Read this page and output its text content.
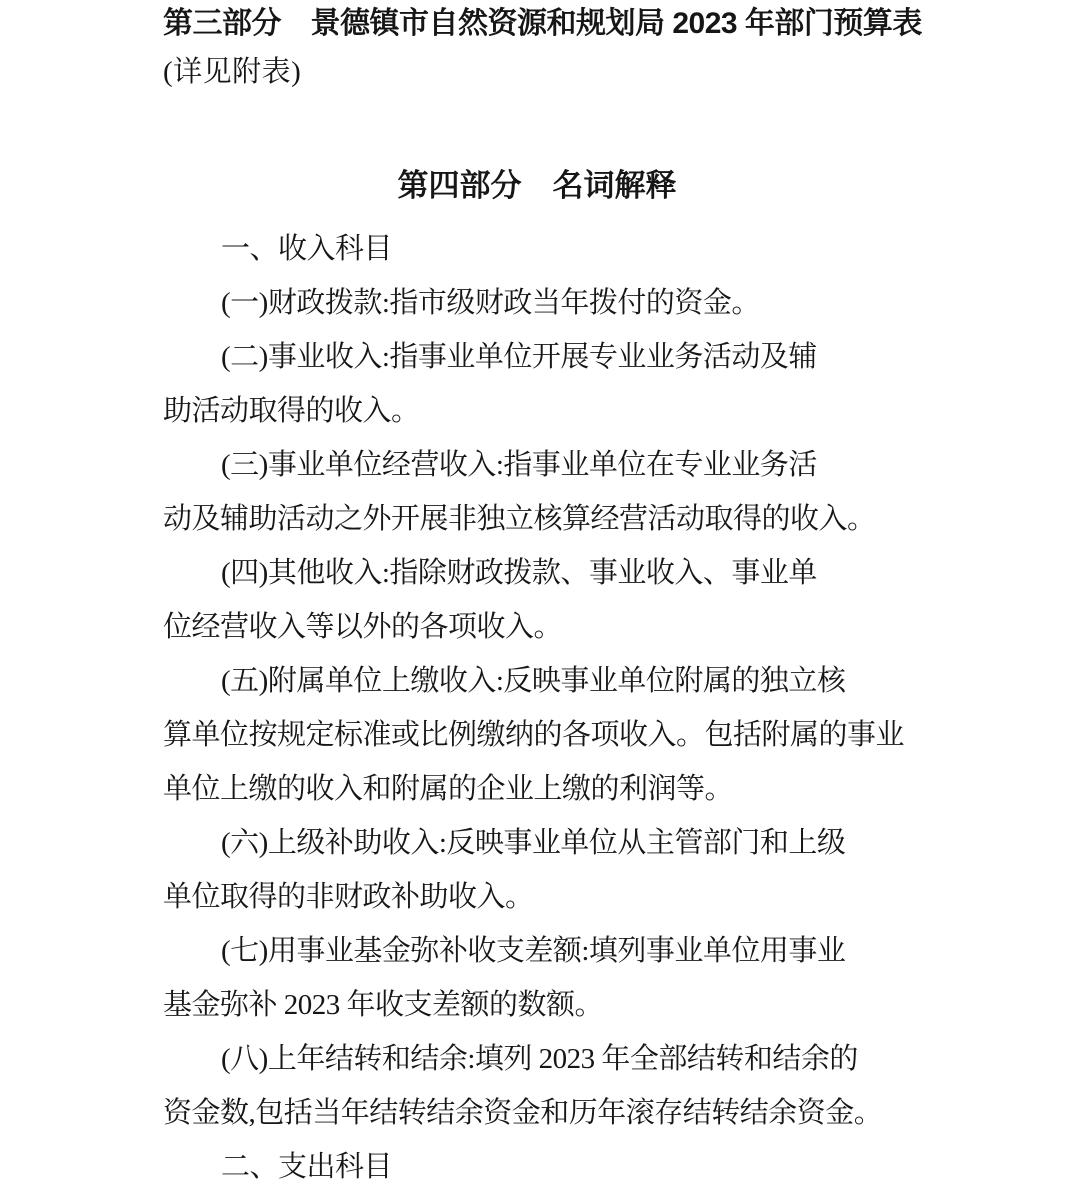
第三部分　景德镇市自然资源和规划局 2023 年部门预算表
(详见附表)
第四部分　名词解释
一、收入科目
(一)财政拨款:指市级财政当年拨付的资金。
(二)事业收入:指事业单位开展专业业务活动及辅
助活动取得的收入。
(三)事业单位经营收入:指事业单位在专业业务活
动及辅助活动之外开展非独立核算经营活动取得的收入。
(四)其他收入:指除财政拨款、事业收入、事业单
位经营收入等以外的各项收入。
(五)附属单位上缴收入:反映事业单位附属的独立核
算单位按规定标准或比例缴纳的各项收入。包括附属的事业
单位上缴的收入和附属的企业上缴的利润等。
(六)上级补助收入:反映事业单位从主管部门和上级
单位取得的非财政补助收入。
(七)用事业基金弥补收支差额:填列事业单位用事业
基金弥补 2023 年收支差额的数额。
(八)上年结转和结余:填列 2023 年全部结转和结余的
资金数,包括当年结转结余资金和历年滚存结转结余资金。
二、支出科目
